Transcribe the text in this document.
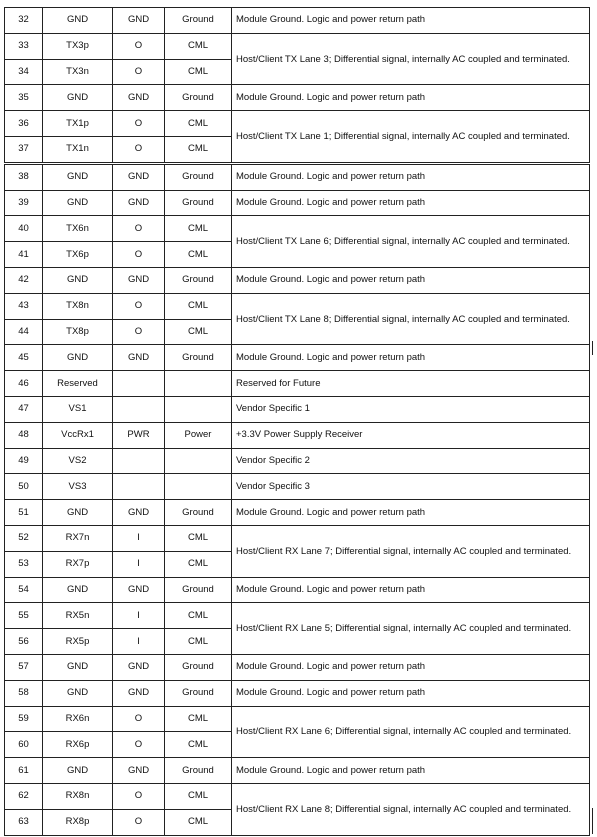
32	GND	GND	Ground	Module Ground. Logic and power return path
33	TX3p	O	CML	Host/Client TX Lane 3; Differential signal, internally AC coupled and terminated.
34	TX3n	O	CML	
35	GND	GND	Ground	Module Ground. Logic and power return path
36	TX1p	O	CML	Host/Client TX Lane 1; Differential signal, internally AC coupled and terminated.
37	TX1n	O	CML	
38	GND	GND	Ground	Module Ground. Logic and power return path
39	GND	GND	Ground	Module Ground. Logic and power return path
40	TX6n	O	CML	Host/Client TX Lane 6; Differential signal, internally AC coupled and terminated.
41	TX6p	O	CML	
42	GND	GND	Ground	Module Ground. Logic and power return path
43	TX8n	O	CML	Host/Client TX Lane 8; Differential signal, internally AC coupled and terminated.
44	TX8p	O	CML	
45	GND	GND	Ground	Module Ground. Logic and power return path
46	Reserved			Reserved for Future
47	VS1			Vendor Specific 1
48	VccRx1	PWR	Power	+3.3V Power Supply Receiver
49	VS2			Vendor Specific 2
50	VS3			Vendor Specific 3
51	GND	GND	Ground	Module Ground. Logic and power return path
52	RX7n	I	CML	Host/Client RX Lane 7; Differential signal, internally AC coupled and terminated.
53	RX7p	I	CML	
54	GND	GND	Ground	Module Ground. Logic and power return path
55	RX5n	I	CML	Host/Client RX Lane 5; Differential signal, internally AC coupled and terminated.
56	RX5p	I	CML	
57	GND	GND	Ground	Module Ground. Logic and power return path
58	GND	GND	Ground	Module Ground. Logic and power return path
59	RX6n	O	CML	Host/Client RX Lane 6; Differential signal, internally AC coupled and terminated.
60	RX6p	O	CML	
61	GND	GND	Ground	Module Ground. Logic and power return path
62	RX8n	O	CML	Host/Client RX Lane 8; Differential signal, internally AC coupled and terminated.
63	RX8p	O	CML	
